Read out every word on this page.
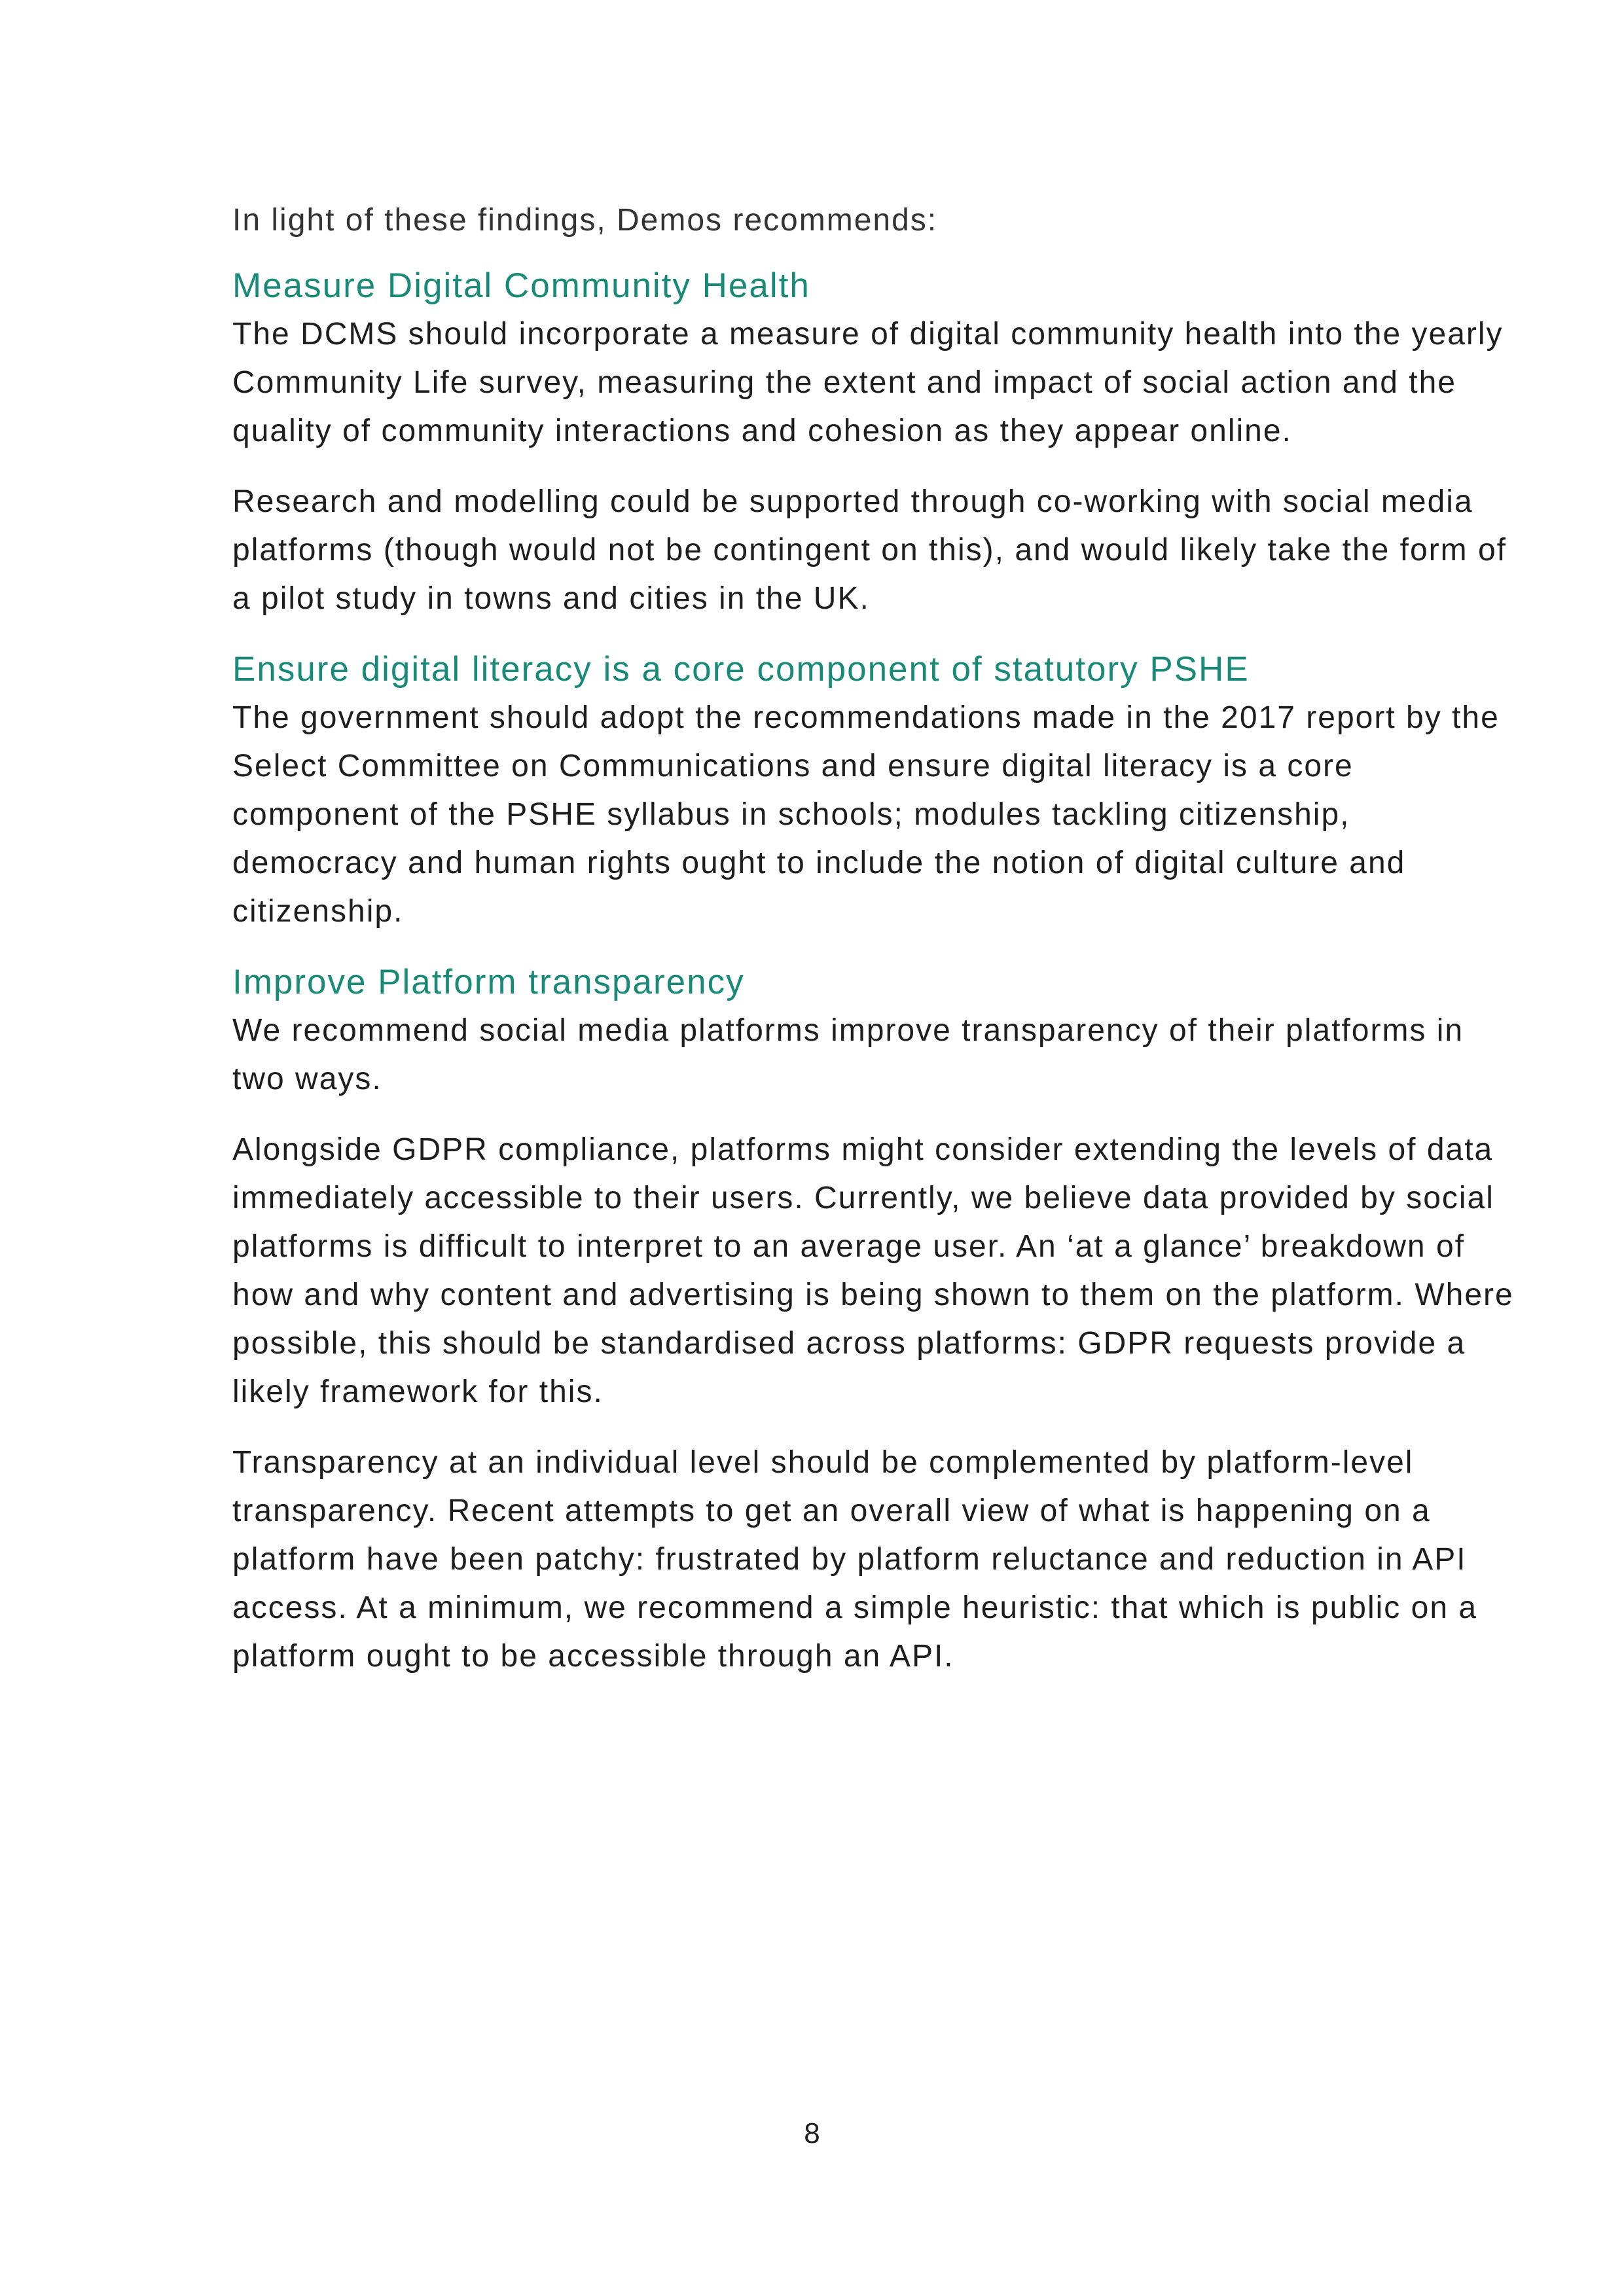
In light of these findings, Demos recommends:

Measure Digital Community Health

The DCMS should incorporate a measure of digital community health into the yearly Community Life survey, measuring the extent and impact of social action and the quality of community interactions and cohesion as they appear online.

Research and modelling could be supported through co-working with social media platforms (though would not be contingent on this), and would likely take the form of a pilot study in towns and cities in the UK.

Ensure digital literacy is a core component of statutory PSHE

The government should adopt the recommendations made in the 2017 report by the Select Committee on Communications and ensure digital literacy is a core component of the PSHE syllabus in schools; modules tackling citizenship, democracy and human rights ought to include the notion of digital culture and citizenship.

Improve Platform transparency

We recommend social media platforms improve transparency of their platforms in two ways.

Alongside GDPR compliance, platforms might consider extending the levels of data immediately accessible to their users. Currently, we believe data provided by social platforms is difficult to interpret to an average user. An ‘at a glance’ breakdown of how and why content and advertising is being shown to them on the platform. Where possible, this should be standardised across platforms: GDPR requests provide a likely framework for this.

Transparency at an individual level should be complemented by platform-level transparency. Recent attempts to get an overall view of what is happening on a platform have been patchy: frustrated by platform reluctance and reduction in API access. At a minimum, we recommend a simple heuristic: that which is public on a platform ought to be accessible through an API.

8
